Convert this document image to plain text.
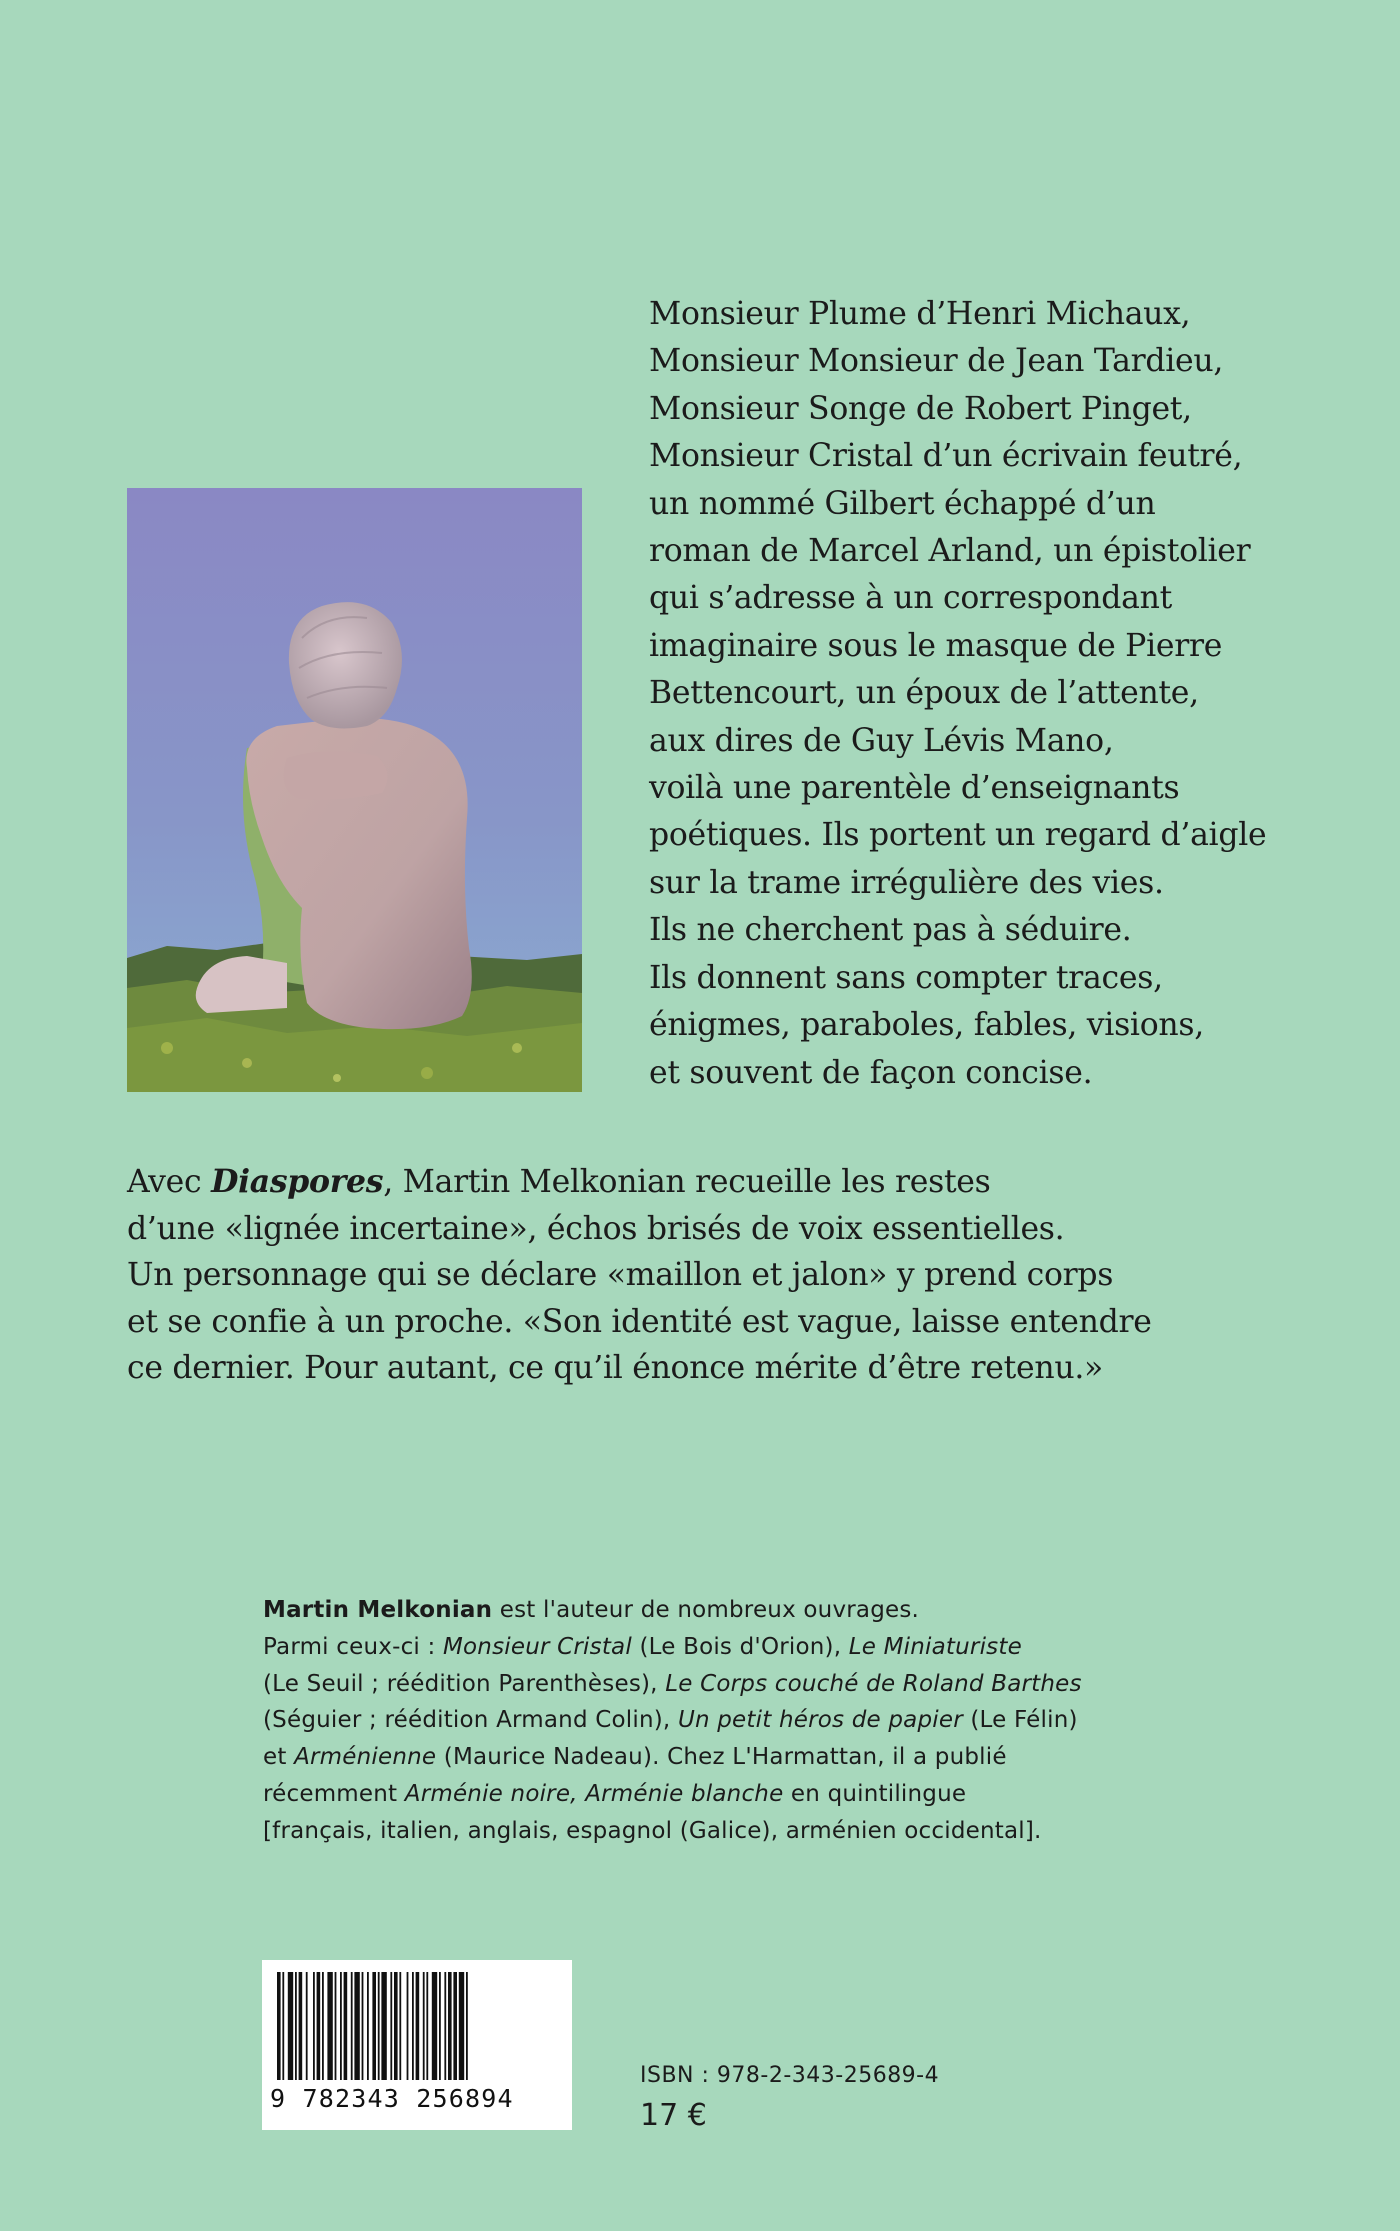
Monsieur Plume d’Henri Michaux,
Monsieur Monsieur de Jean Tardieu,
Monsieur Songe de Robert Pinget,
Monsieur Cristal d’un écrivain feutré,
un nommé Gilbert échappé d’un
roman de Marcel Arland, un épistolier
qui s’adresse à un correspondant
imaginaire sous le masque de Pierre
Bettencourt, un époux de l’attente,
aux dires de Guy Lévis Mano,
voilà une parentèle d’enseignants
poétiques. Ils portent un regard d’aigle
sur la trame irrégulière des vies.
Ils ne cherchent pas à séduire.
Ils donnent sans compter traces,
énigmes, paraboles, fables, visions,
et souvent de façon concise.
Avec Diaspores, Martin Melkonian recueille les restes
d’une «lignée incertaine», échos brisés de voix essentielles.
Un personnage qui se déclare «maillon et jalon» y prend corps
et se confie à un proche. «Son identité est vague, laisse entendre
ce dernier. Pour autant, ce qu’il énonce mérite d’être retenu.»
Martin Melkonian est l'auteur de nombreux ouvrages.
Parmi ceux-ci : Monsieur Cristal (Le Bois d'Orion), Le Miniaturiste
(Le Seuil ; réédition Parenthèses), Le Corps couché de Roland Barthes
(Séguier ; réédition Armand Colin), Un petit héros de papier (Le Félin)
et Arménienne (Maurice Nadeau). Chez L'Harmattan, il a publié
récemment Arménie noire, Arménie blanche en quintilingue
[français, italien, anglais, espagnol (Galice), arménien occidental].
9 782343 256894
ISBN : 978-2-343-25689-4
17 €
